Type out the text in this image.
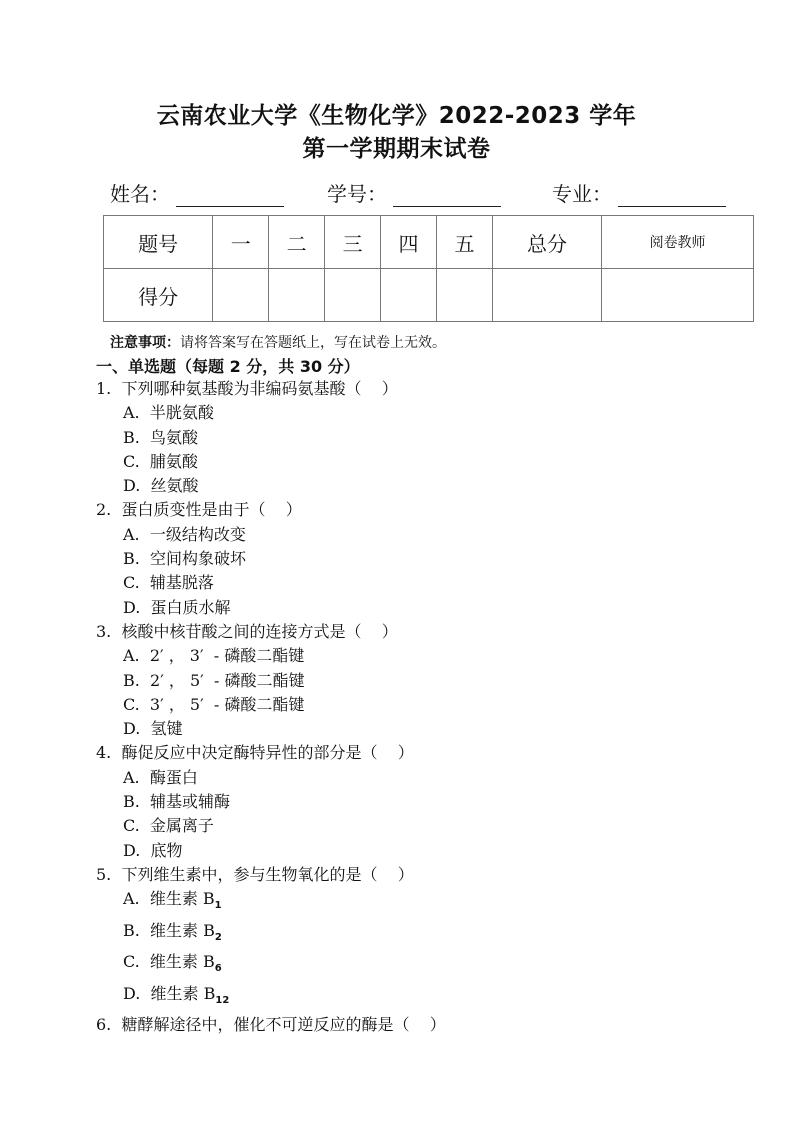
云南农业大学《生物化学》2022-2023 学年
第一学期期末试卷
姓名：	学号：	专业：
题号	一	二	三	四	五	总分	阅卷教师
得分							
注意事项：请将答案写在答题纸上，写在试卷上无效。
一、单选题（每题 2 分，共 30 分）

1.  下列哪种氨基酸为非编码氨基酸（    ）

A.  半胱氨酸

B.  鸟氨酸

C.  脯氨酸

D.  丝氨酸

2.  蛋白质变性是由于（    ）

A.  一级结构改变

B.  空间构象破坏

C.  辅基脱落

D.  蛋白质水解

3.  核酸中核苷酸之间的连接方式是（    ）

A.  2′ ， 3′  - 磷酸二酯键

B.  2′ ， 5′  - 磷酸二酯键

C.  3′ ， 5′  - 磷酸二酯键

D.  氢键

4.  酶促反应中决定酶特异性的部分是（    ）

A.  酶蛋白

B.  辅基或辅酶

C.  金属离子

D.  底物

5.  下列维生素中，参与生物氧化的是（    ）

A.  维生素 $B_1$

B.  维生素 $B_2$

C.  维生素 $B_6$

D.  维生素 $B_{12}$

6.  糖酵解途径中，催化不可逆反应的酶是（    ）
